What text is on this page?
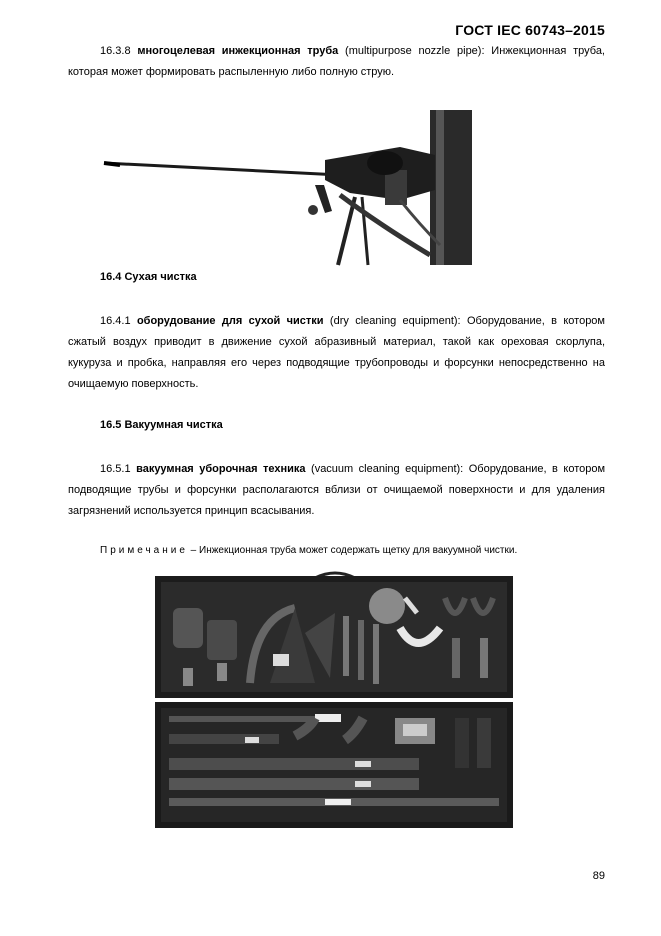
ГОСТ IEC 60743–2015
16.3.8 многоцелевая инжекционная труба (multipurpose nozzle pipe): Инжекционная труба, которая может формировать распыленную либо полную струю.
16.4 Сухая чистка
16.4.1 оборудование для сухой чистки (dry cleaning equipment): Оборудование, в котором сжатый воздух приводит в движение сухой абразивный материал, такой как ореховая скорлупа, кукуруза и пробка, направляя его через подводящие трубопроводы и форсунки непосредственно на очищаемую поверхность.
16.5 Вакуумная чистка
16.5.1 вакуумная уборочная техника (vacuum cleaning equipment): Оборудование, в котором подводящие трубы и форсунки располагаются вблизи от очищаемой поверхности и для удаления загрязнений используется принцип всасывания.
Примечание – Инжекционная труба может содержать щетку для вакуумной чистки.
89
